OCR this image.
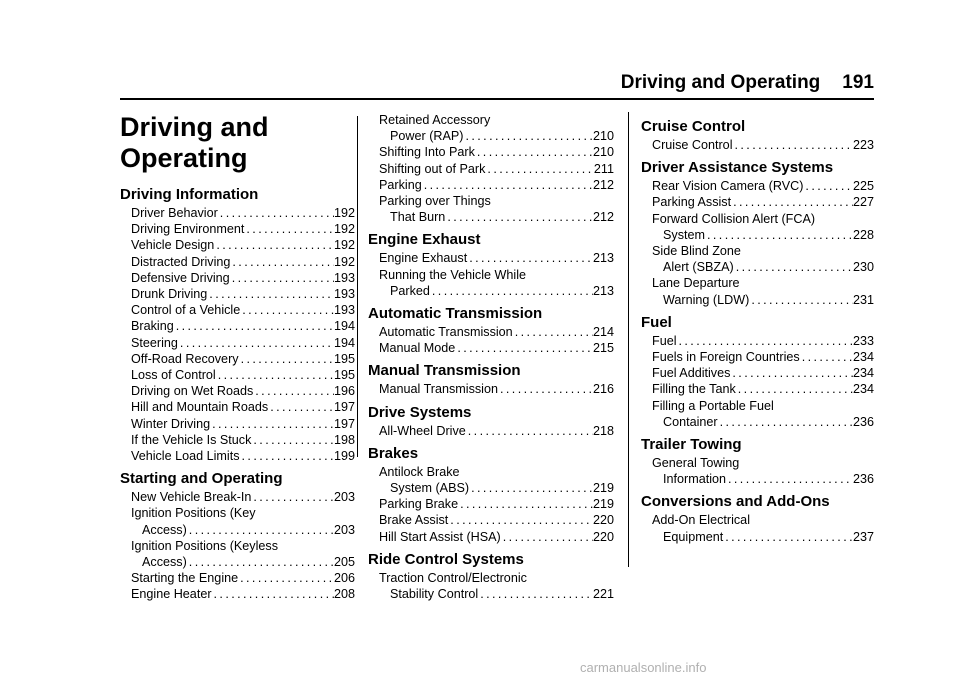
Driving and Operating 191
Driving and
Operating
Driving Information
Driver Behavior .....	192
Driving Environment .....	192
Vehicle Design .....	192
Distracted Driving .....	192
Defensive Driving .....	193
Drunk Driving .....	193
Control of a Vehicle .....	193
Braking .....	194
Steering .....	194
Off-Road Recovery .....	195
Loss of Control .....	195
Driving on Wet Roads .....	196
Hill and Mountain Roads .....	197
Winter Driving .....	197
If the Vehicle Is Stuck .....	198
Vehicle Load Limits .....	199
Starting and Operating
New Vehicle Break-In .....	203
Ignition Positions (Key
Access) .....	203
Ignition Positions (Keyless
Access) .....	205
Starting the Engine .....	206
Engine Heater .....	208
Retained Accessory
Power (RAP) .....	210
Shifting Into Park .....	210
Shifting out of Park .....	211
Parking .....	212
Parking over Things
That Burn .....	212
Engine Exhaust
Engine Exhaust .....	213
Running the Vehicle While
Parked .....	213
Automatic Transmission
Automatic Transmission .....	214
Manual Mode .....	215
Manual Transmission
Manual Transmission .....	216
Drive Systems
All-Wheel Drive .....	218
Brakes
Antilock Brake
System (ABS) .....	219
Parking Brake .....	219
Brake Assist .....	220
Hill Start Assist (HSA) .....	220
Ride Control Systems
Traction Control/Electronic
Stability Control .....	221
Cruise Control
Cruise Control .....	223
Driver Assistance Systems
Rear Vision Camera (RVC) .....	225
Parking Assist .....	227
Forward Collision Alert (FCA)
System .....	228
Side Blind Zone
Alert (SBZA) .....	230
Lane Departure
Warning (LDW) .....	231
Fuel
Fuel .....	233
Fuels in Foreign Countries .....	234
Fuel Additives .....	234
Filling the Tank .....	234
Filling a Portable Fuel
Container .....	236
Trailer Towing
General Towing
Information .....	236
Conversions and Add-Ons
Add-On Electrical
Equipment .....	237
carmanualsonline.info
